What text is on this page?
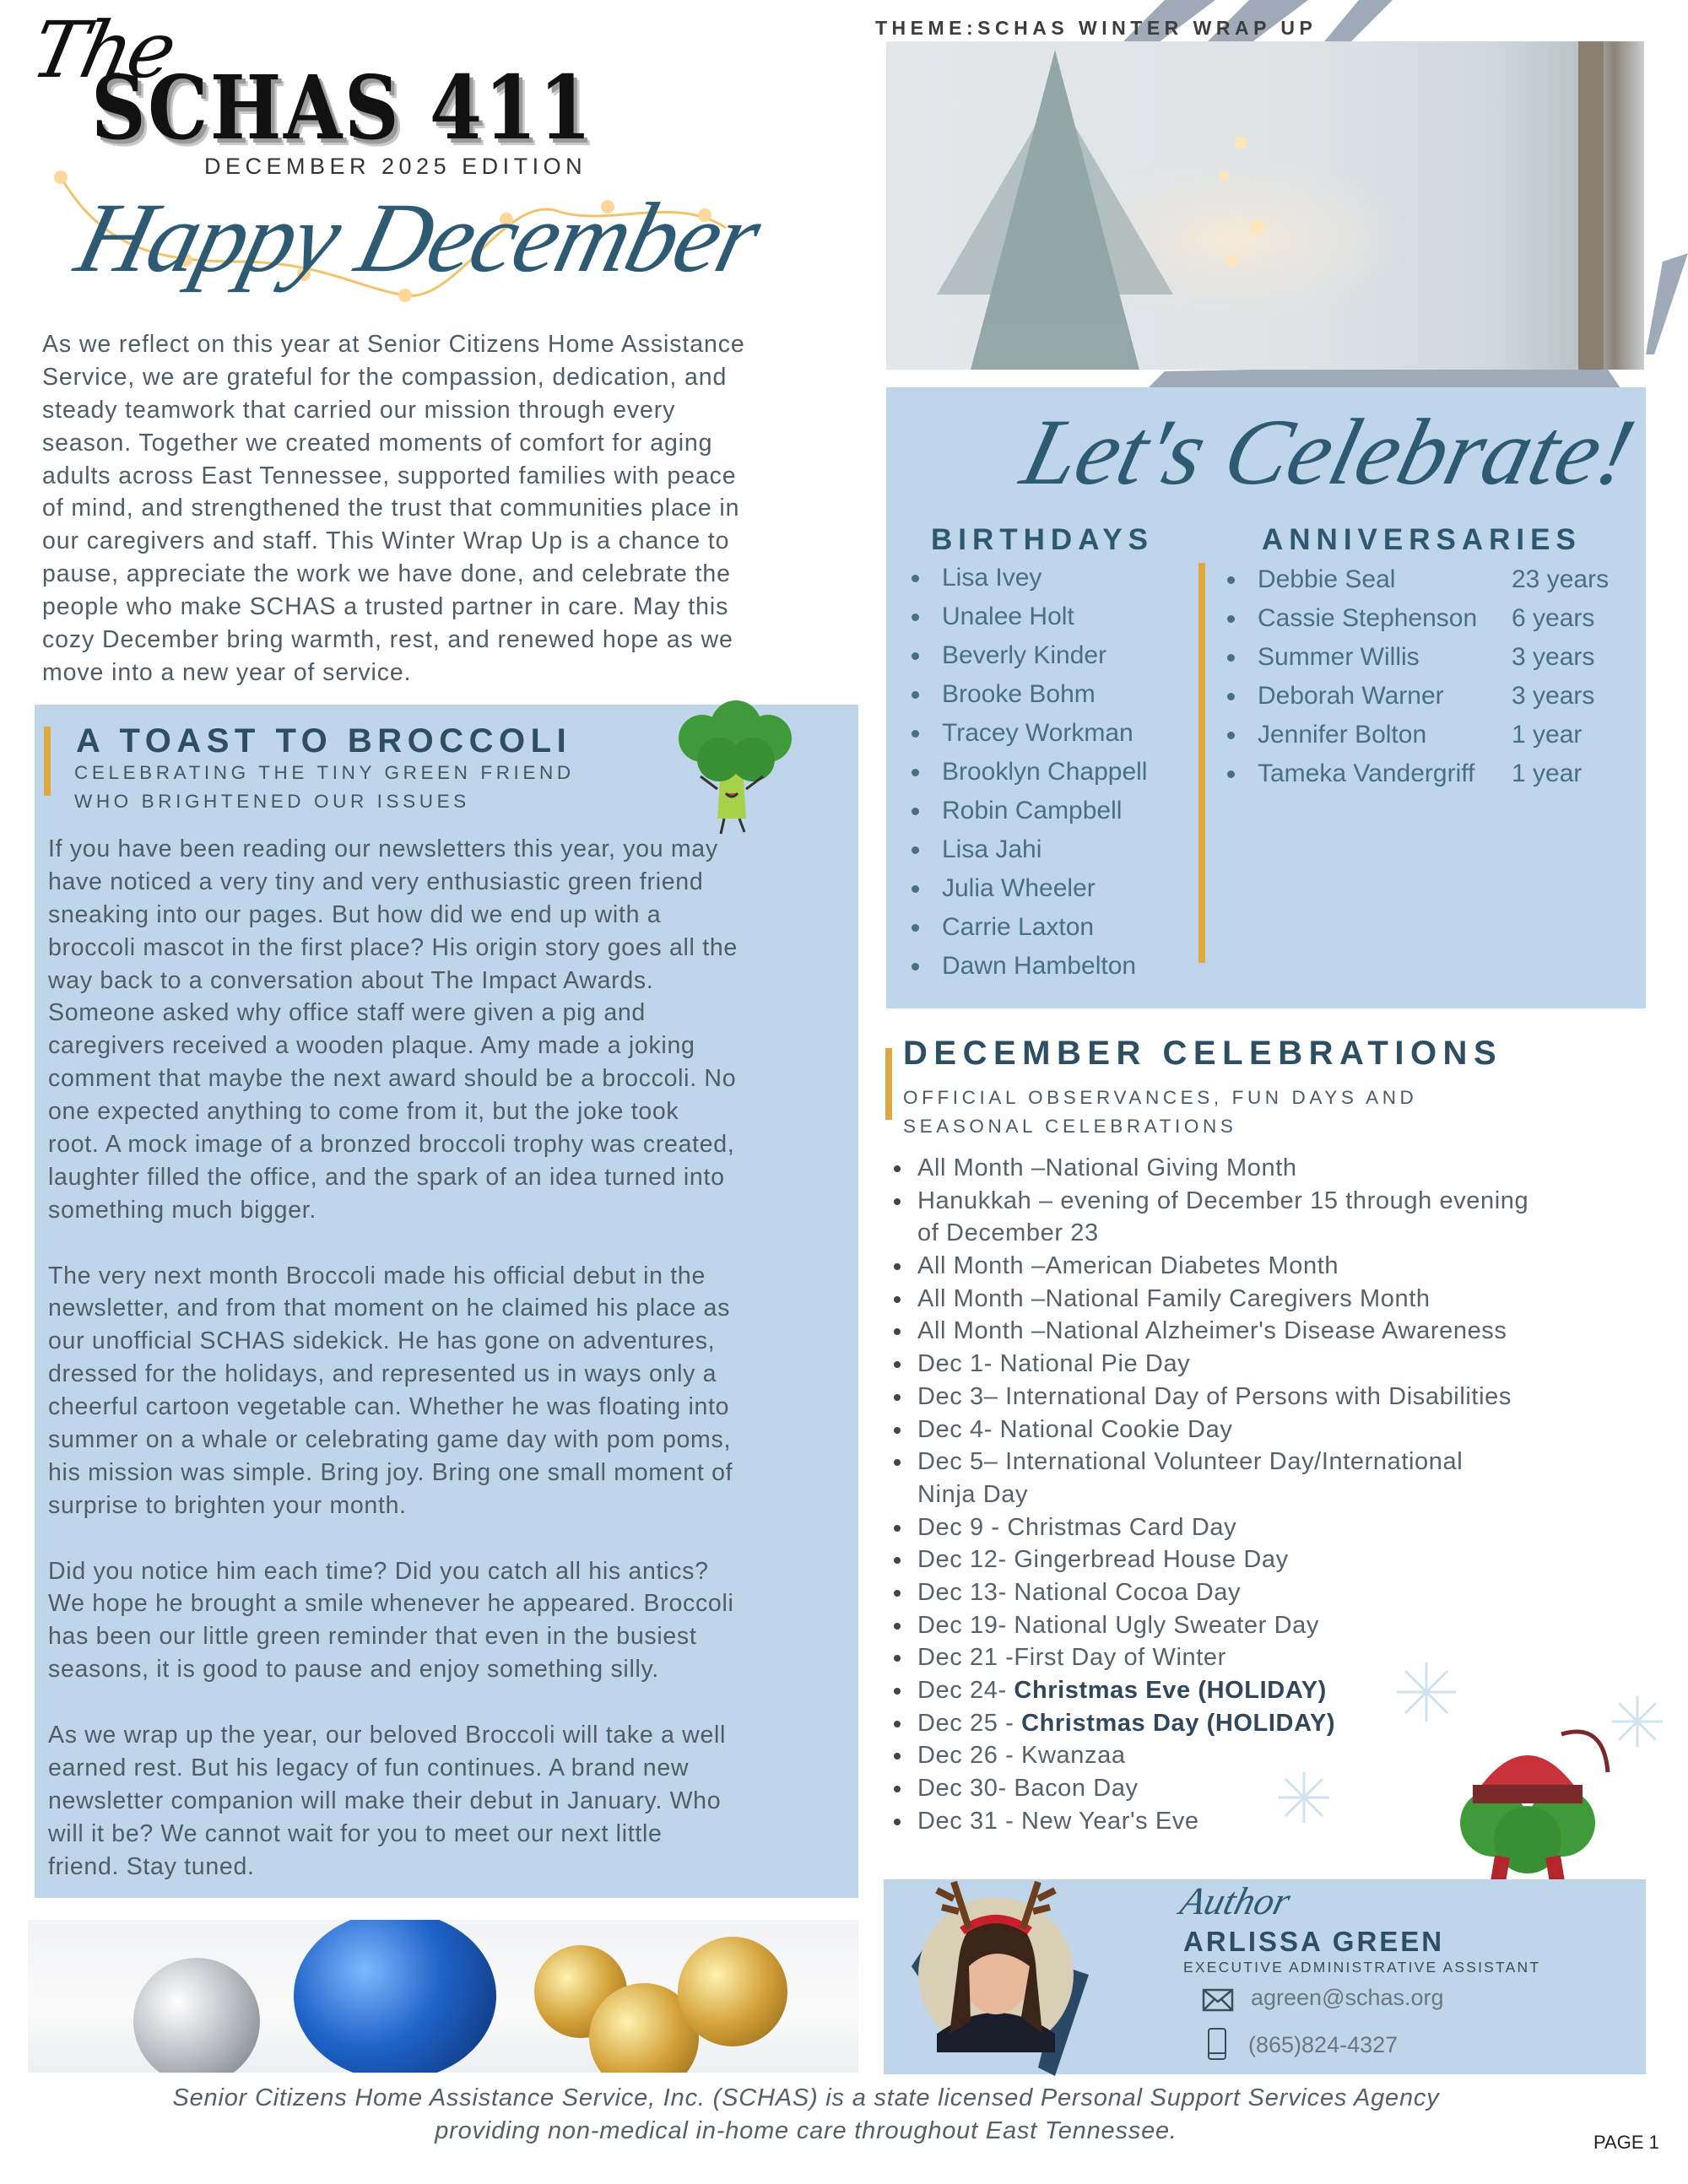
The
SCHAS 411
DECEMBER 2025 EDITION
Happy December
As we reflect on this year at Senior Citizens Home Assistance
Service, we are grateful for the compassion, dedication, and
steady teamwork that carried our mission through every
season. Together we created moments of comfort for aging
adults across East Tennessee, supported families with peace
of mind, and strengthened the trust that communities place in
our caregivers and staff. This Winter Wrap Up is a chance to
pause, appreciate the work we have done, and celebrate the
people who make SCHAS a trusted partner in care. May this
cozy December bring warmth, rest, and renewed hope as we
move into a new year of service.
A TOAST TO BROCCOLI
CELEBRATING THE TINY GREEN FRIEND
WHO BRIGHTENED OUR ISSUES
If you have been reading our newsletters this year, you may
have noticed a very tiny and very enthusiastic green friend
sneaking into our pages. But how did we end up with a
broccoli mascot in the first place? His origin story goes all the
way back to a conversation about The Impact Awards.
Someone asked why office staff were given a pig and
caregivers received a wooden plaque. Amy made a joking
comment that maybe the next award should be a broccoli. No
one expected anything to come from it, but the joke took
root. A mock image of a bronzed broccoli trophy was created,
laughter filled the office, and the spark of an idea turned into
something much bigger.
The very next month Broccoli made his official debut in the
newsletter, and from that moment on he claimed his place as
our unofficial SCHAS sidekick. He has gone on adventures,
dressed for the holidays, and represented us in ways only a
cheerful cartoon vegetable can. Whether he was floating into
summer on a whale or celebrating game day with pom poms,
his mission was simple. Bring joy. Bring one small moment of
surprise to brighten your month.
Did you notice him each time? Did you catch all his antics?
We hope he brought a smile whenever he appeared. Broccoli
has been our little green reminder that even in the busiest
seasons, it is good to pause and enjoy something silly.
As we wrap up the year, our beloved Broccoli will take a well
earned rest. But his legacy of fun continues. A brand new
newsletter companion will make their debut in January. Who
will it be? We cannot wait for you to meet our next little
friend. Stay tuned.
THEME:SCHAS WINTER WRAP UP
Let's Celebrate!
BIRTHDAYS	ANNIVERSARIES
Lisa Ivey
Unalee Holt
Beverly Kinder
Brooke Bohm
Tracey Workman
Brooklyn Chappell
Robin Campbell
Lisa Jahi
Julia Wheeler
Carrie Laxton
Dawn Hambelton
Debbie Seal	23 years
Cassie Stephenson 6 years
Summer Willis	3 years
Deborah Warner	3 years
Jennifer Bolton	1 year
Tameka Vandergriff 1 year
DECEMBER CELEBRATIONS
OFFICIAL OBSERVANCES, FUN DAYS AND
SEASONAL CELEBRATIONS
All Month –National Giving Month
Hanukkah – evening of December 15 through evening
of December 23
All Month –American Diabetes Month
All Month –National Family Caregivers Month
All Month –National Alzheimer's Disease Awareness
Dec 1- National Pie Day
Dec 3– International Day of Persons with Disabilities
Dec 4- National Cookie Day
Dec 5– International Volunteer Day/International
Ninja Day
Dec 9 - Christmas Card Day
Dec 12- Gingerbread House Day
Dec 13- National Cocoa Day
Dec 19- National Ugly Sweater Day
Dec 21 -First Day of Winter
Dec 24- Christmas Eve (HOLIDAY)
Dec 25 - Christmas Day (HOLIDAY)
Dec 26 - Kwanzaa
Dec 30- Bacon Day
Dec 31 - New Year's Eve
Author
ARLISSA GREEN
EXECUTIVE ADMINISTRATIVE ASSISTANT
agreen@schas.org
(865)824-4327
Senior Citizens Home Assistance Service, Inc. (SCHAS) is a state licensed Personal Support Services Agency
providing non-medical in-home care throughout East Tennessee.	PAGE 1
